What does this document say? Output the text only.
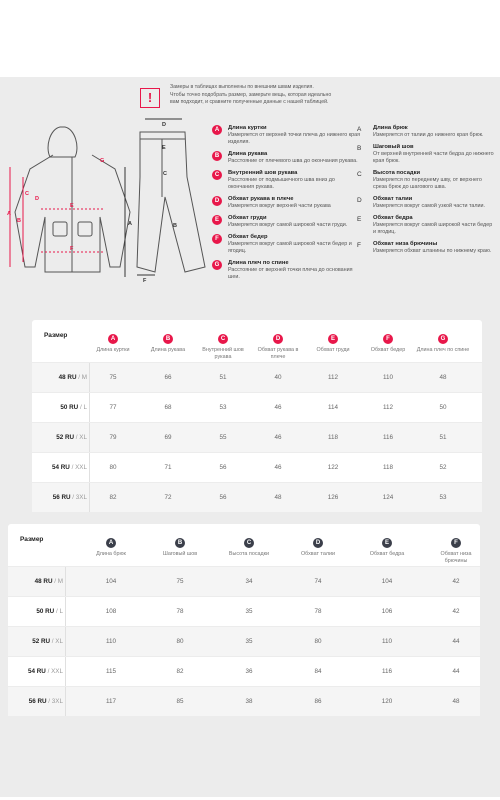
!
Замеры в таблицах выполнены по внешним швам изделия.
Чтобы точно подобрать размер, замерьте вещь, которая идеально
вам подходит, и сравните полученные данные с нашей таблицей.
A
B
C
D
E
F
G
A	B
C
D
E
F
A	Длина куртки
Измеряется от верхней точки плеча до нижнего края изделия.
B	Длина рукава
Расстояние от плечевого шва до окончания рукава.
C	Внутренний шов рукава
Расстояние от подмышечного шва вниз до окончания рукава.
D	Обхват рукава в плече
Измеряется вокруг верхней части рукава
E	Обхват груди
Измеряется вокруг самой широкой части груди.
F	Обхват бедер
Измеряется вокруг самой широкой части бедер и ягодиц.
G	Длина плеч по спине
Расстояние от верхней точки плеча до основания шеи.
A Длина брюк
Измеряется от талии до нижнего края брюк.
B Шаговый шов
От верхней внутренней части бедра до нижнего края брюк.
C Высота посадки
Измеряется по переднему шву, от верхнего среза брюк до шагового шва.
D Обхват талии
Измеряется вокруг самой узкой части талии.
E Обхват бедра
Измеряется вокруг самой широкой части бедер и ягодиц.
F Обхват низа брючины
Измеряется обхват штанины по нижнему краю.
Размер	A
Длина куртки
B
Длина рукава
C
Внутренний шов рукава
D
Обхват рукава в плече
E
Обхват груди
F
Обхват бедер
G
Длина плеч по спине
48 RU / M	75	66	51	40	112	110	48
50 RU / L	77	68	53	46	114	112	50
52 RU / XL	79	69	55	46	118	116	51
54 RU / XXL	80	71	56	46	122	118	52
56 RU / 3XL	82	72	56	48	126	124	53
Размер	A
Длина брюк
B
Шаговый шов
C
Высота посадки
D
Обхват талии
E
Обхват бедра
F
Обхват низа брючины
48 RU / M	104	75	34	74	104	42
50 RU / L	108	78	35	78	106	42
52 RU / XL	110	80	35	80	110	44
54 RU / XXL	115	82	36	84	116	44
56 RU / 3XL	117	85	38	86	120	48
